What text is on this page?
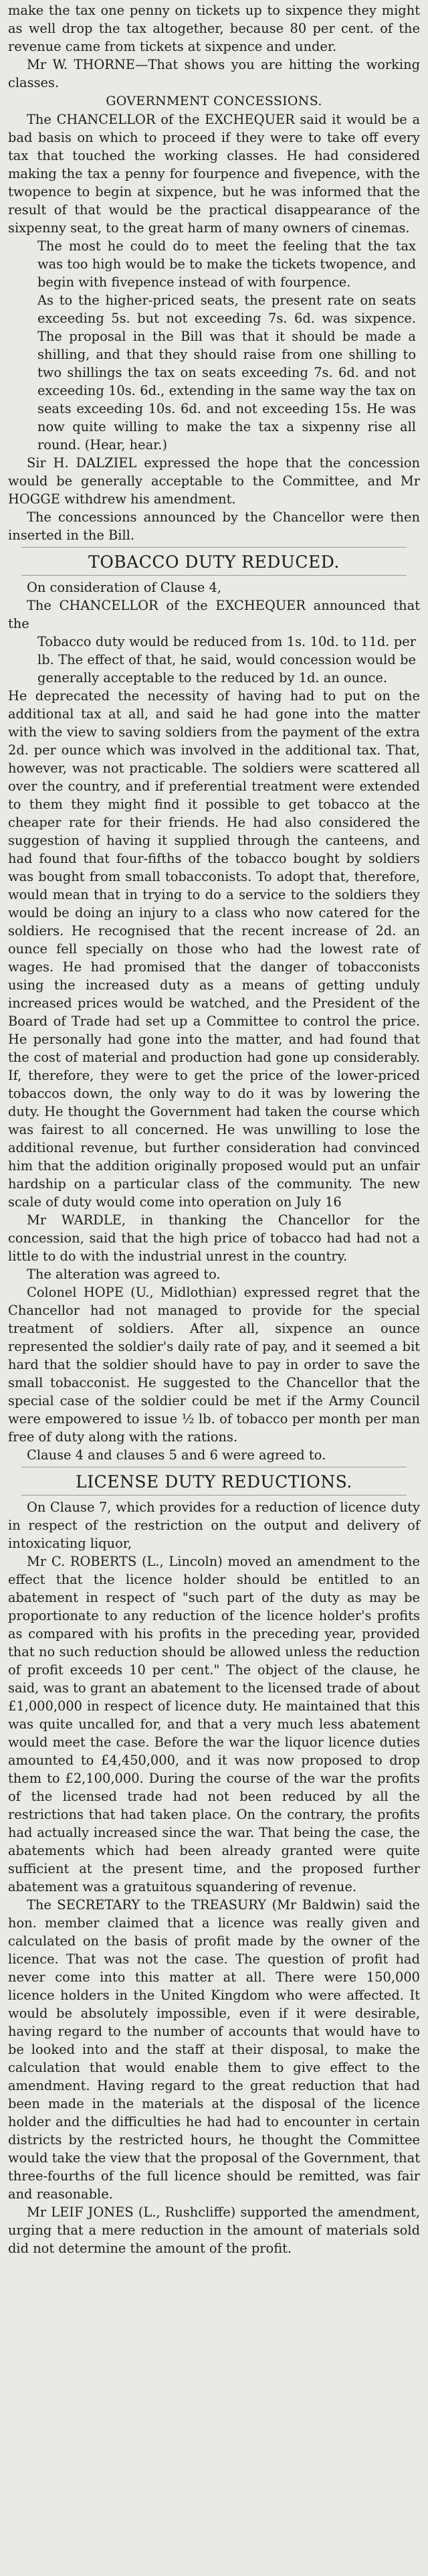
make the tax one penny on tickets up to sixpence they might as well drop the tax altogether, because 80 per cent. of the revenue came from tickets at sixpence and under.

Mr W. THORNE—That shows you are hitting the working classes.

GOVERNMENT CONCESSIONS.

The CHANCELLOR of the EXCHEQUER said it would be a bad basis on which to proceed if they were to take off every tax that touched the working classes. He had considered making the tax a penny for fourpence and fivepence, with the twopence to begin at sixpence, but he was informed that the result of that would be the practical disappearance of the sixpenny seat, to the great harm of many owners of cinemas.

The most he could do to meet the feeling that the tax was too high would be to make the tickets twopence, and begin with fivepence instead of with fourpence.

As to the higher-priced seats, the present rate on seats exceeding 5s. but not exceeding 7s. 6d. was sixpence. The proposal in the Bill was that it should be made a shilling, and that they should raise from one shilling to two shillings the tax on seats exceeding 7s. 6d. and not exceeding 10s. 6d., extending in the same way the tax on seats exceeding 10s. 6d. and not exceeding 15s. He was now quite willing to make the tax a sixpenny rise all round. (Hear, hear.)

Sir H. DALZIEL expressed the hope that the concession would be generally acceptable to the Committee, and Mr HOGGE withdrew his amendment.

The concessions announced by the Chancellor were then inserted in the Bill.

TOBACCO DUTY REDUCED.

On consideration of Clause 4,

The CHANCELLOR of the EXCHEQUER announced that the

Tobacco duty would be reduced from 1s. 10d. to 11d. per lb. The effect of that, he said, would concession would be generally acceptable to the reduced by 1d. an ounce.

He deprecated the necessity of having had to put on the additional tax at all, and said he had gone into the matter with the view to saving soldiers from the payment of the extra 2d. per ounce which was involved in the additional tax. That, however, was not practicable. The soldiers were scattered all over the country, and if preferential treatment were extended to them they might find it possible to get tobacco at the cheaper rate for their friends. He had also considered the suggestion of having it supplied through the canteens, and had found that four-fifths of the tobacco bought by soldiers was bought from small tobacconists. To adopt that, therefore, would mean that in trying to do a service to the soldiers they would be doing an injury to a class who now catered for the soldiers. He recognised that the recent increase of 2d. an ounce fell specially on those who had the lowest rate of wages. He had promised that the danger of tobacconists using the increased duty as a means of getting unduly increased prices would be watched, and the President of the Board of Trade had set up a Committee to control the price. He personally had gone into the matter, and had found that the cost of material and production had gone up considerably. If, therefore, they were to get the price of the lower-priced tobaccos down, the only way to do it was by lowering the duty. He thought the Government had taken the course which was fairest to all concerned. He was unwilling to lose the additional revenue, but further consideration had convinced him that the addition originally proposed would put an unfair hardship on a particular class of the community. The new scale of duty would come into operation on July 16

Mr WARDLE, in thanking the Chancellor for the concession, said that the high price of tobacco had had not a little to do with the industrial unrest in the country.

The alteration was agreed to.

Colonel HOPE (U., Midlothian) expressed regret that the Chancellor had not managed to provide for the special treatment of soldiers. After all, sixpence an ounce represented the soldier's daily rate of pay, and it seemed a bit hard that the soldier should have to pay in order to save the small tobacconist. He suggested to the Chancellor that the special case of the soldier could be met if the Army Council were empowered to issue ½ lb. of tobacco per month per man free of duty along with the rations.

Clause 4 and clauses 5 and 6 were agreed to.

LICENSE DUTY REDUCTIONS.

On Clause 7, which provides for a reduction of licence duty in respect of the restriction on the output and delivery of intoxicating liquor,

Mr C. ROBERTS (L., Lincoln) moved an amendment to the effect that the licence holder should be entitled to an abatement in respect of "such part of the duty as may be proportionate to any reduction of the licence holder's profits as compared with his profits in the preceding year, provided that no such reduction should be allowed unless the reduction of profit exceeds 10 per cent." The object of the clause, he said, was to grant an abatement to the licensed trade of about £1,000,000 in respect of licence duty. He maintained that this was quite uncalled for, and that a very much less abatement would meet the case. Before the war the liquor licence duties amounted to £4,450,000, and it was now proposed to drop them to £2,100,000. During the course of the war the profits of the licensed trade had not been reduced by all the restrictions that had taken place. On the contrary, the profits had actually increased since the war. That being the case, the abatements which had been already granted were quite sufficient at the present time, and the proposed further abatement was a gratuitous squandering of revenue.

The SECRETARY to the TREASURY (Mr Baldwin) said the hon. member claimed that a licence was really given and calculated on the basis of profit made by the owner of the licence. That was not the case. The question of profit had never come into this matter at all. There were 150,000 licence holders in the United Kingdom who were affected. It would be absolutely impossible, even if it were desirable, having regard to the number of accounts that would have to be looked into and the staff at their disposal, to make the calculation that would enable them to give effect to the amendment. Having regard to the great reduction that had been made in the materials at the disposal of the licence holder and the difficulties he had had to encounter in certain districts by the restricted hours, he thought the Committee would take the view that the proposal of the Government, that three-fourths of the full licence should be remitted, was fair and reasonable.

Mr LEIF JONES (L., Rushcliffe) supported the amendment, urging that a mere reduction in the amount of materials sold did not determine the amount of the profit.
